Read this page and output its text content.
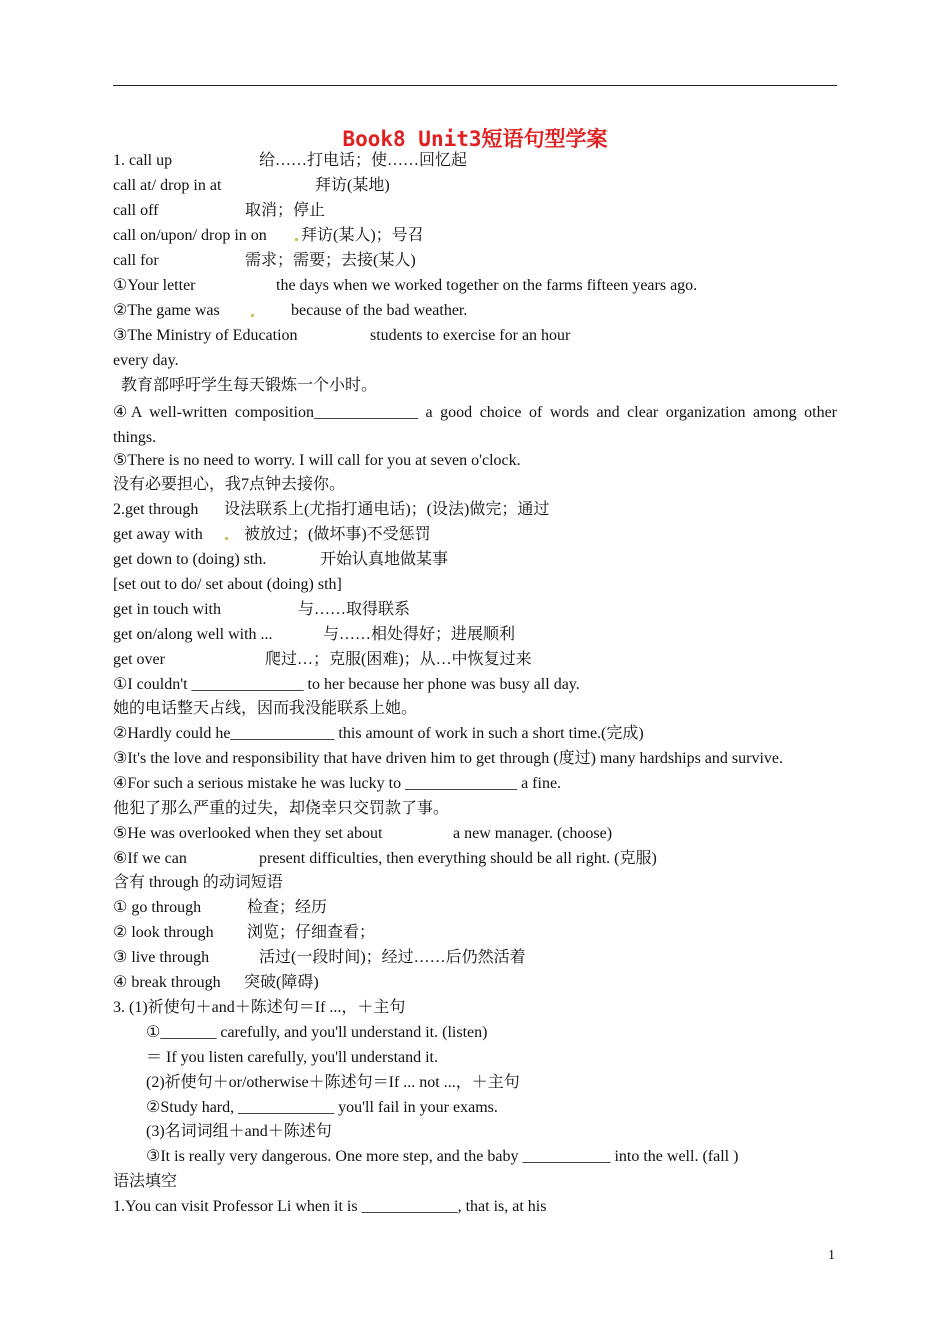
Book8 Unit3短语句型学案
1. call up	给……打电话；使……回忆起
call at/ drop in at	拜访(某地)
call off	取消；停止
call on/upon/ drop in on 拜访(某人)；号召
call for	需求；需要；去接(某人)
①Your letter	the days when we worked together on the farms fifteen years ago.
②The game was	because of the bad weather.
③The Ministry of Education	students to exercise for an hour
every day.
教育部呼吁学生每天锻炼一个小时。
④A well-written composition_____________ a good choice of words and clear organization among other things.
⑤There is no need to worry. I will call for you at seven o'clock.
没有必要担心，我7点钟去接你。
2.get through 设法联系上(尤指打通电话)；(设法)做完；通过
get away with	被放过；(做坏事)不受惩罚
get down to (doing) sth.	开始认真地做某事
[set out to do/ set about (doing) sth]
get in touch with	与……取得联系
get on/along well with ...	与……相处得好；进展顺利
get over	爬过…；克服(困难)；从…中恢复过来
①I couldn't ______________ to her because her phone was busy all day.
她的电话整天占线，因而我没能联系上她。
②Hardly could he_____________ this amount of work in such a short time.(完成)
③It's the love and responsibility that have driven him to get through (度过) many hardships and survive.
④For such a serious mistake he was lucky to ______________ a fine.
他犯了那么严重的过失，却侥幸只交罚款了事。
⑤He was overlooked when they set about	a new manager. (choose)
⑥If we can	present difficulties, then everything should be all right. (克服)
含有 through 的动词短语
① go through	检查；经历
② look through 浏览；仔细查看；
③ live through	活过(一段时间)；经过……后仍然活着
④ break through 突破(障碍)
3. (1)祈使句＋and＋陈述句＝If ...，＋主句
①_______ carefully, and you'll understand it. (listen)
＝ If you listen carefully, you'll understand it.
(2)祈使句＋or/otherwise＋陈述句＝If ... not ...，＋主句
②Study hard, ____________ you'll fail in your exams.
(3)名词词组＋and＋陈述句
③It is really very dangerous. One more step, and the baby ___________ into the well. (fall )
语法填空
1.You can visit Professor Li when it is ____________, that is, at his
1
